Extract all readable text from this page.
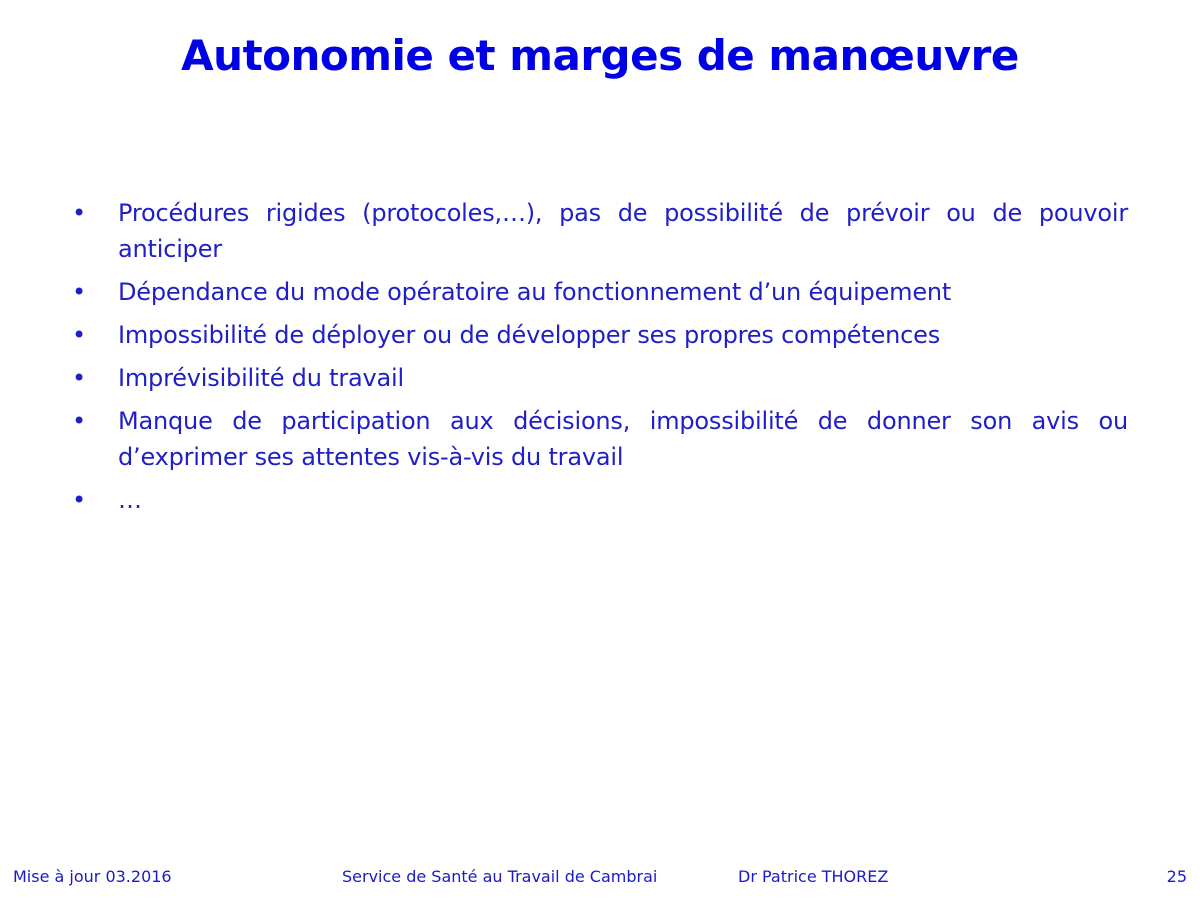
Autonomie et marges de manœuvre
• Procédures rigides (protocoles,…), pas de possibilité de prévoir ou de pouvoir anticiper
• Dépendance du mode opératoire au fonctionnement d’un équipement
• Impossibilité de déployer ou de développer ses propres compétences
• Imprévisibilité du travail
• Manque de participation aux décisions, impossibilité de donner son avis ou d’exprimer ses attentes vis-à-vis du travail
• …
Mise à jour 03.2016	Service de Santé au Travail de Cambrai	Dr Patrice THOREZ	25
